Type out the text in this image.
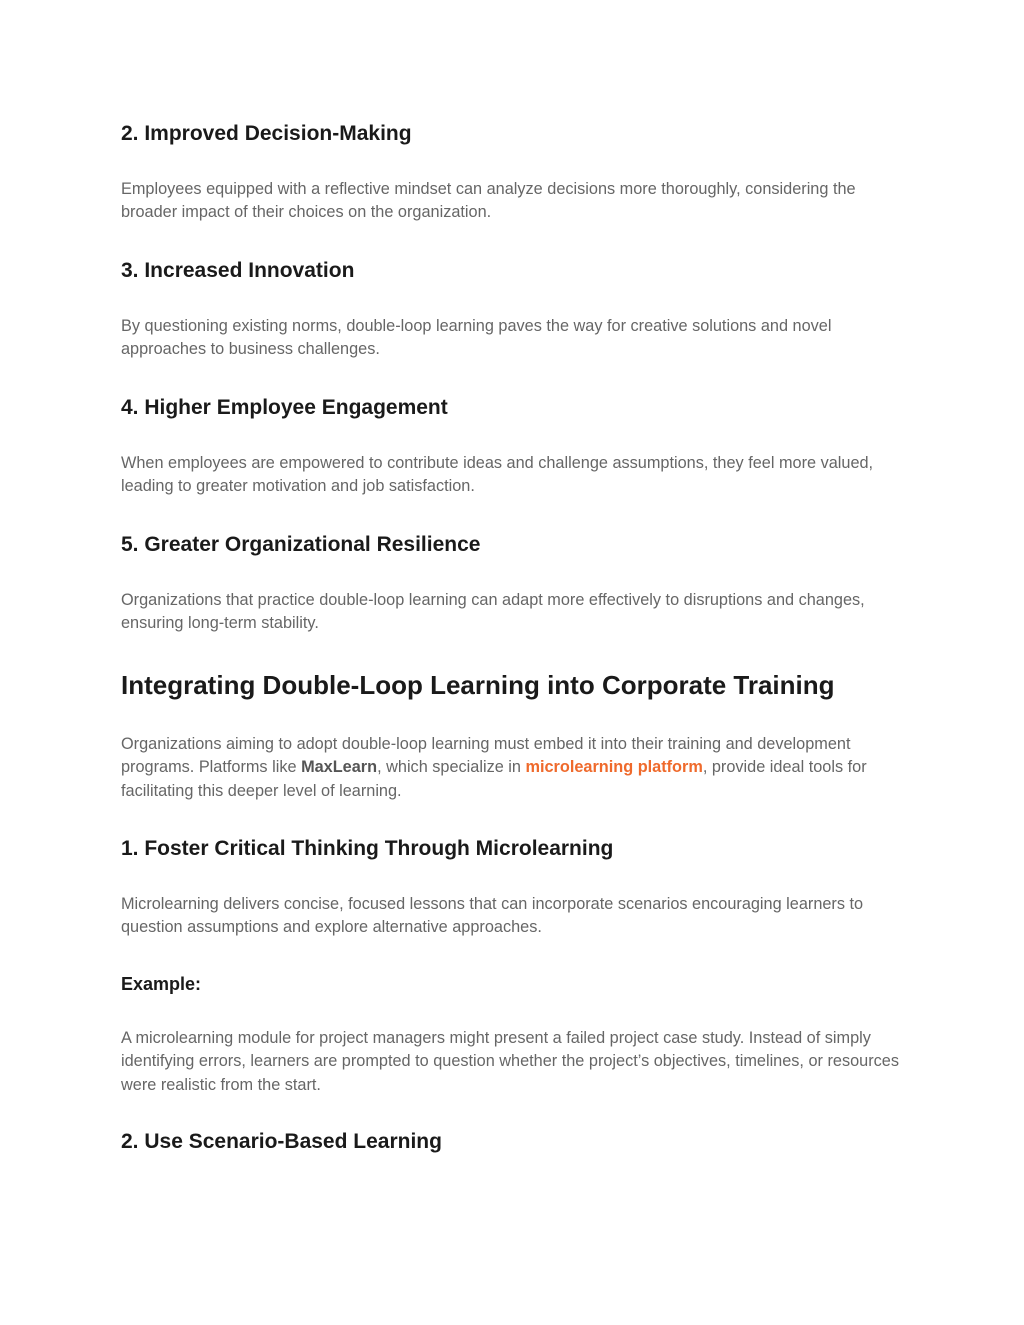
2. Improved Decision-Making

Employees equipped with a reflective mindset can analyze decisions more thoroughly, considering the broader impact of their choices on the organization.

3. Increased Innovation

By questioning existing norms, double-loop learning paves the way for creative solutions and novel approaches to business challenges.

4. Higher Employee Engagement

When employees are empowered to contribute ideas and challenge assumptions, they feel more valued, leading to greater motivation and job satisfaction.

5. Greater Organizational Resilience

Organizations that practice double-loop learning can adapt more effectively to disruptions and changes, ensuring long-term stability.

Integrating Double-Loop Learning into Corporate Training

Organizations aiming to adopt double-loop learning must embed it into their training and development programs. Platforms like MaxLearn, which specialize in microlearning platform, provide ideal tools for facilitating this deeper level of learning.

1. Foster Critical Thinking Through Microlearning

Microlearning delivers concise, focused lessons that can incorporate scenarios encouraging learners to question assumptions and explore alternative approaches.

Example:

A microlearning module for project managers might present a failed project case study. Instead of simply identifying errors, learners are prompted to question whether the project’s objectives, timelines, or resources were realistic from the start.

2. Use Scenario-Based Learning
